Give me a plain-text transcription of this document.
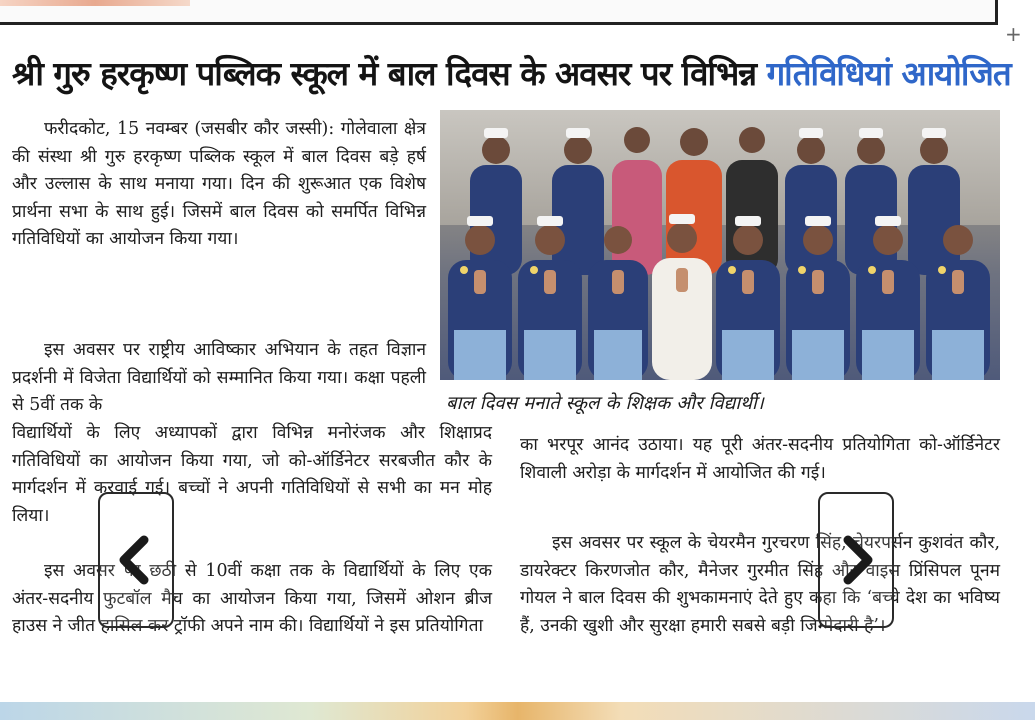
+
श्री गुरु हरकृष्ण पब्लिक स्कूल में बाल दिवस के अवसर पर विभिन्न गतिविधियां आयोजित
फरीदकोट, 15 नवम्बर (जसबीर कौर जस्सी): गोलेवाला क्षेत्र की संस्था श्री गुरु हरकृष्ण पब्लिक स्कूल में बाल दिवस बड़े हर्ष और उल्लास के साथ मनाया गया। दिन की शुरूआत एक विशेष प्रार्थना सभा के साथ हुई। जिसमें बाल दिवस को समर्पित विभिन्न गतिविधियों का आयोजन किया गया।
इस अवसर पर राष्ट्रीय आविष्कार अभियान के तहत विज्ञान प्रदर्शनी में विजेता विद्यार्थियों को सम्मानित किया गया। कक्षा पहली से 5वीं तक के
विद्यार्थियों के लिए अध्यापकों द्वारा विभिन्न मनोरंजक और शिक्षाप्रद गतिविधियों का आयोजन किया गया, जो को-ऑर्डिनेटर सरबजीत कौर के मार्गदर्शन में करवाई गई। बच्चों ने अपनी गतिविधियों से सभी का मन मोह लिया।
इस अवसर पर छठी से 10वीं कक्षा तक के विद्यार्थियों के लिए एक अंतर-सदनीय फुटबॉल मैच का आयोजन किया गया, जिसमें ओशन ब्रीज हाउस ने जीत हासिल कर ट्रॉफी अपने नाम की। विद्यार्थियों ने इस प्रतियोगिता
का भरपूर आनंद उठाया। यह पूरी अंतर-सदनीय प्रतियोगिता को-ऑर्डिनेटर शिवाली अरोड़ा के मार्गदर्शन में आयोजित की गई।
इस अवसर पर स्कूल के चेयरमैन गुरचरण सिंह, चेयरपर्सन कुशवंत कौर, डायरेक्टर किरणजोत कौर, मैनेजर गुरमीत सिंह और वाइस प्रिंसिपल पूनम गोयल ने बाल दिवस की शुभकामनाएं देते हुए कहा कि ‘बच्चे देश का भविष्य हैं, उनकी खुशी और सुरक्षा हमारी सबसे बड़ी जिम्मेदारी है’।
बाल दिवस मनाते स्कूल के शिक्षक और विद्यार्थी।
